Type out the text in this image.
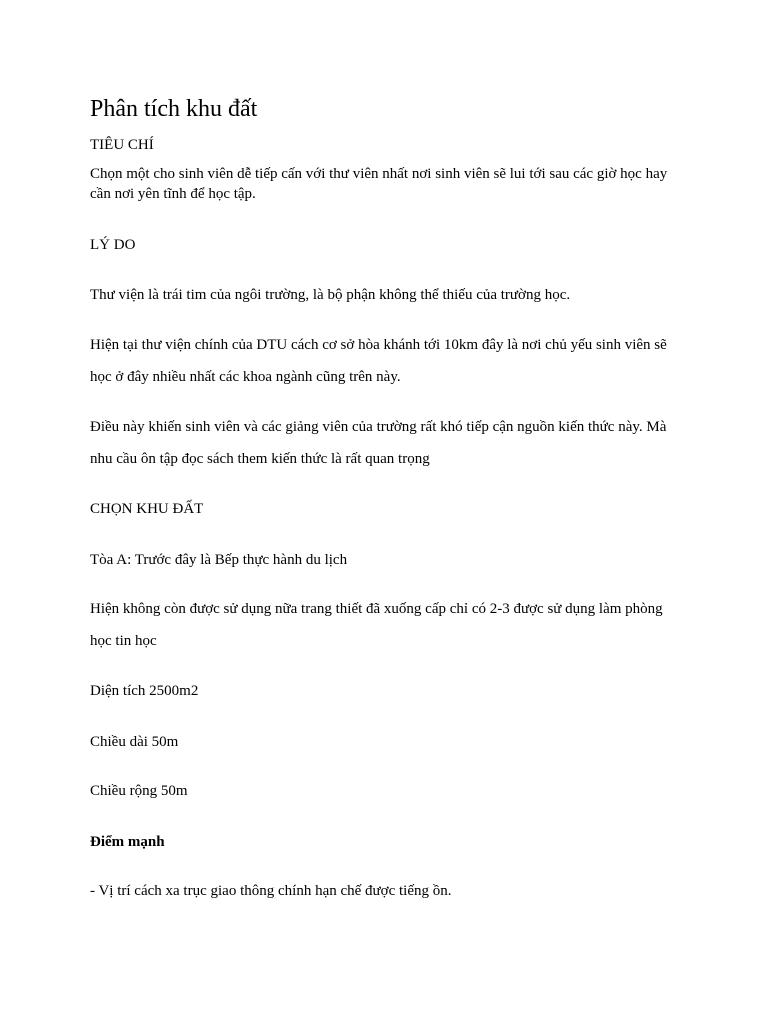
Phân tích khu đất
TIÊU CHÍ
Chọn một cho sinh viên dễ tiếp cấn với thư viên nhất nơi sinh viên sẽ lui tới sau các giờ học hay
cần nơi yên tĩnh để học tập.
LÝ DO
Thư viện là trái tim của ngôi trường, là bộ phận không thể thiếu của trường học.
Hiện tại thư viện chính của DTU cách cơ sở hòa khánh tới 10km đây là nơi chủ yếu sinh viên sẽ
học ở đây nhiều nhất các khoa ngành cũng trên này.
Điều này khiến sinh viên và các giảng viên của trường rất khó tiếp cận nguồn kiến thức này. Mà
nhu cầu ôn tập đọc sách them kiến thức là rất quan trọng
CHỌN KHU ĐẤT
Tòa A: Trước đây là Bếp thực hành du lịch
Hiện không còn được sử dụng nữa trang thiết đã xuống cấp chỉ có 2-3 được sử dụng làm phòng
học tin học
Diện tích 2500m2
Chiều dài 50m
Chiều rộng 50m
Điểm mạnh
- Vị trí cách xa trục giao thông chính hạn chế được tiếng ồn.
